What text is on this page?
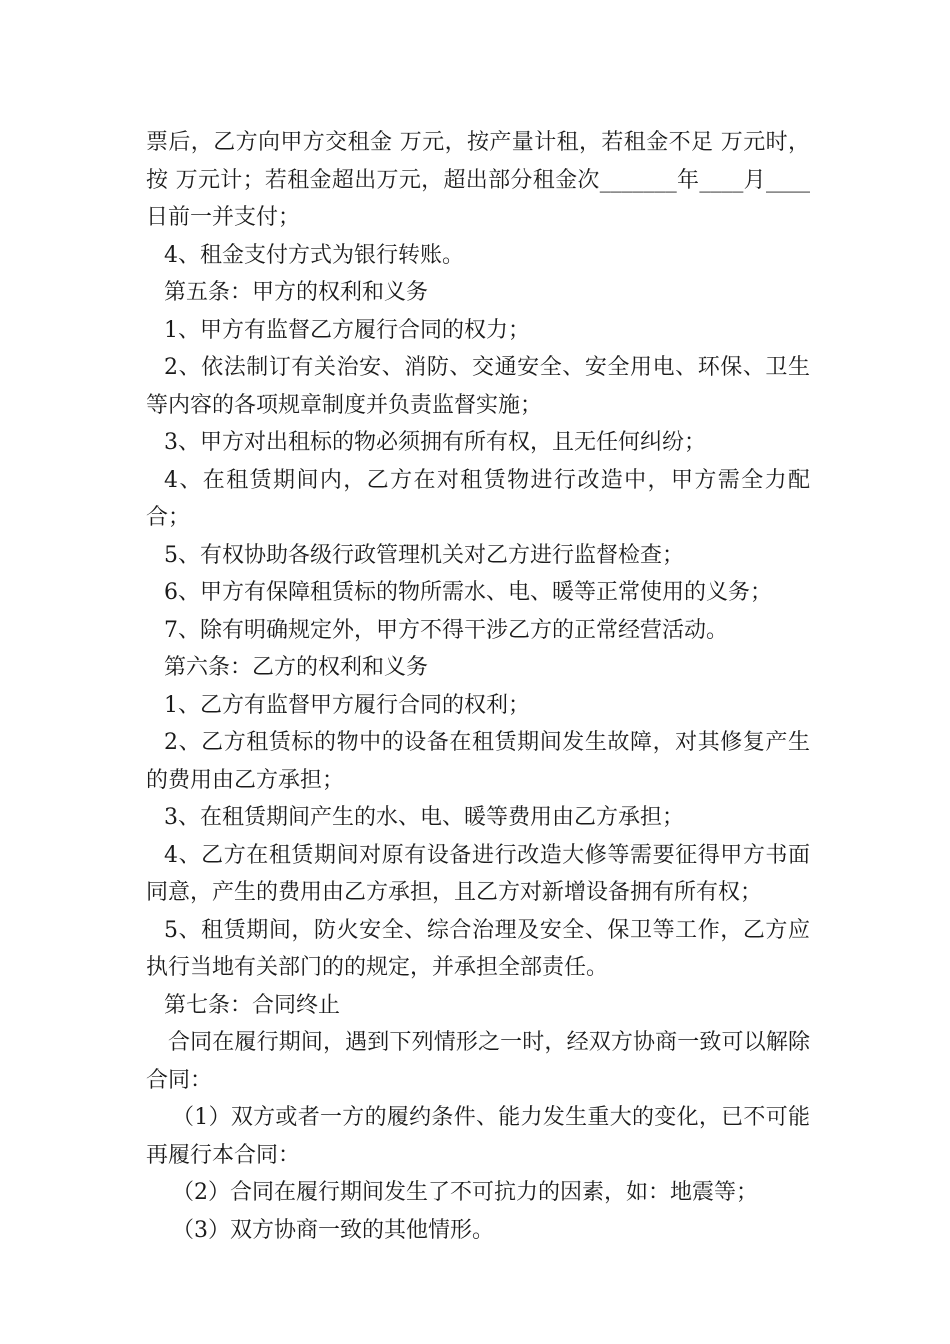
票后，乙方向甲方交租金 万元，按产量计租，若租金不足 万元时，按 万元计；若租金超出万元，超出部分租金次_______年____月____日前一并支付；

4、租金支付方式为银行转账。

第五条：甲方的权利和义务

1、甲方有监督乙方履行合同的权力；

2、依法制订有关治安、消防、交通安全、安全用电、环保、卫生等内容的各项规章制度并负责监督实施；

3、甲方对出租标的物必须拥有所有权，且无任何纠纷；

4、在租赁期间内，乙方在对租赁物进行改造中，甲方需全力配合；

5、有权协助各级行政管理机关对乙方进行监督检查；

6、甲方有保障租赁标的物所需水、电、暖等正常使用的义务；

7、除有明确规定外，甲方不得干涉乙方的正常经营活动。

第六条：乙方的权利和义务

1、乙方有监督甲方履行合同的权利；

2、乙方租赁标的物中的设备在租赁期间发生故障，对其修复产生的费用由乙方承担；

3、在租赁期间产生的水、电、暖等费用由乙方承担；

4、乙方在租赁期间对原有设备进行改造大修等需要征得甲方书面同意，产生的费用由乙方承担，且乙方对新增设备拥有所有权；

5、租赁期间，防火安全、综合治理及安全、保卫等工作，乙方应执行当地有关部门的的规定，并承担全部责任。

第七条：合同终止

合同在履行期间，遇到下列情形之一时，经双方协商一致可以解除合同：

（1）双方或者一方的履约条件、能力发生重大的变化，已不可能再履行本合同：

（2）合同在履行期间发生了不可抗力的因素，如：地震等；

（3）双方协商一致的其他情形。
